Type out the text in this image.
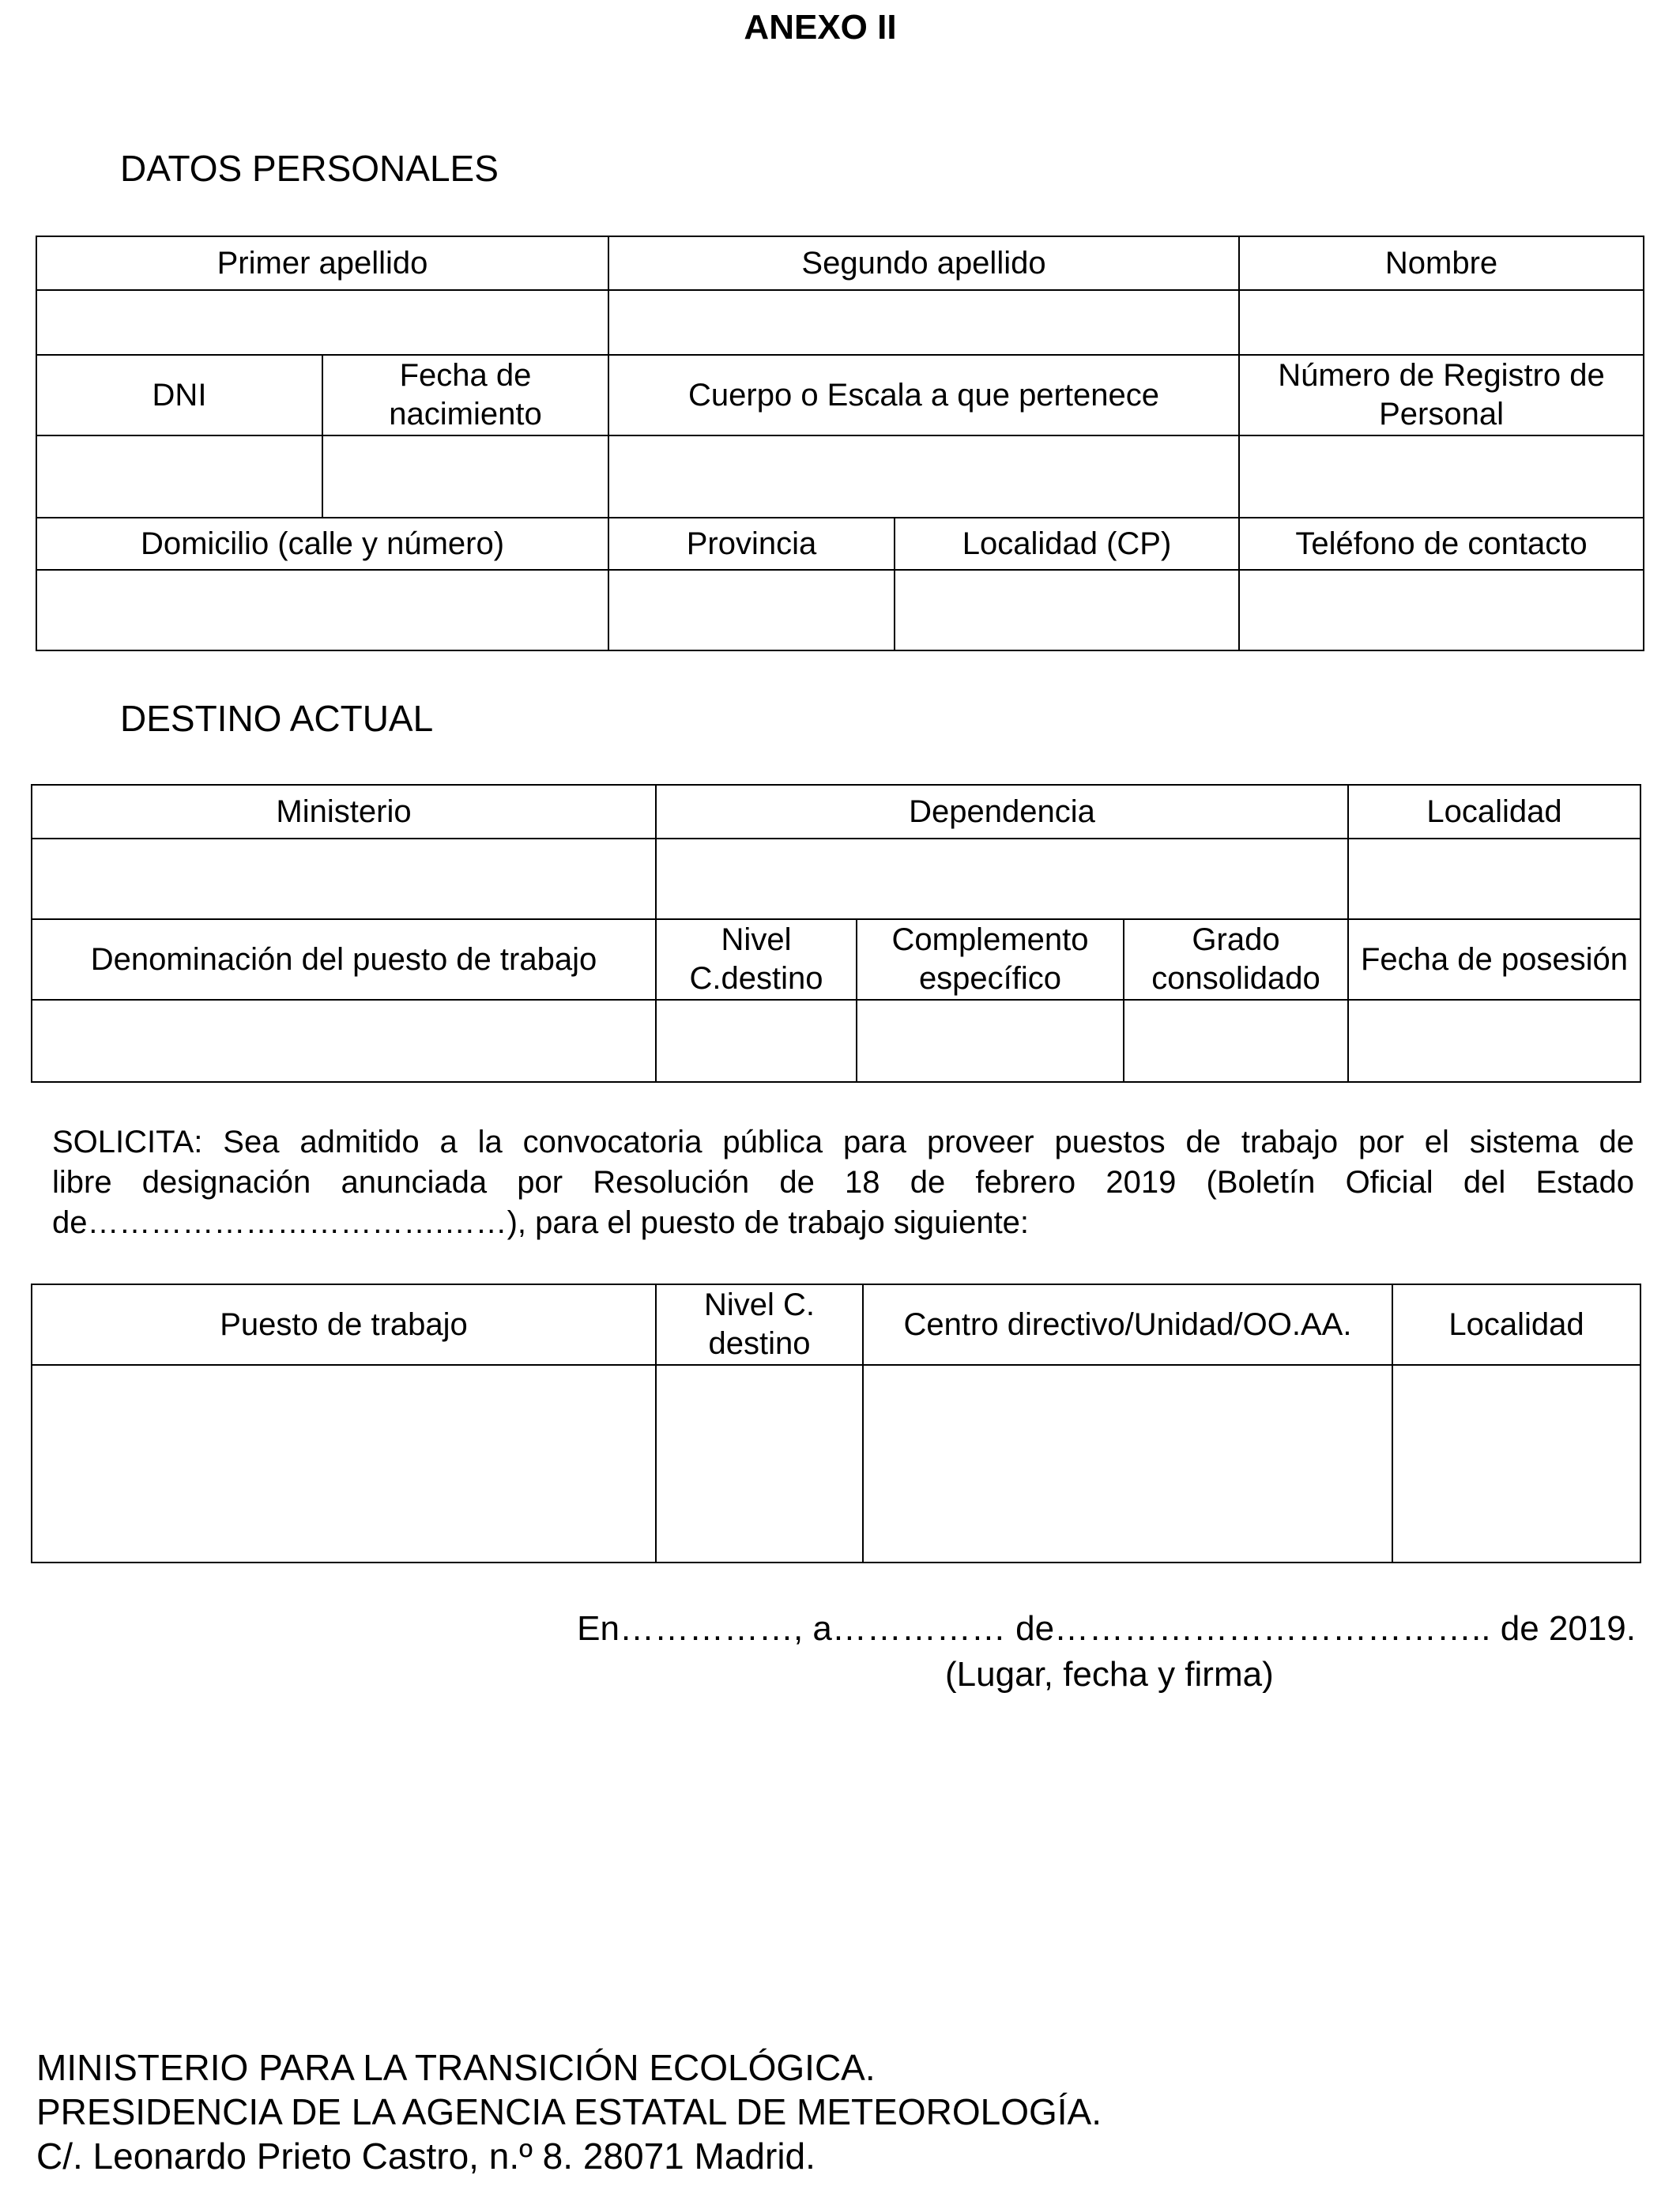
ANEXO II
DATOS PERSONALES
Primer apellido		Segundo apellido		Nombre

DNI	Fecha de nacimiento	Cuerpo o Escala a que pertenece		Número de Registro de Personal

Domicilio (calle y número)		Provincia	Localidad (CP)	Teléfono de contacto

DESTINO ACTUAL
Ministerio	Dependencia			Localidad

Denominación del puesto de trabajo	Nivel C.destino	Complemento específico	Grado consolidado	Fecha de posesión

SOLICITA: Sea admitido a la convocatoria pública para proveer puestos de trabajo por el sistema de
libre designación anunciada por Resolución de 18 de febrero 2019 (Boletín Oficial del Estado
de…………………………….……), para el puesto de trabajo siguiente:
Puesto de trabajo	Nivel C. destino	Centro directivo/Unidad/OO.AA.	Localidad

En……………, a…………… de……………………………….. de 2019.
(Lugar, fecha y firma)
MINISTERIO PARA LA TRANSICIÓN ECOLÓGICA.
PRESIDENCIA DE LA AGENCIA ESTATAL DE METEOROLOGÍA.
C/. Leonardo Prieto Castro, n.º 8. 28071 Madrid.
